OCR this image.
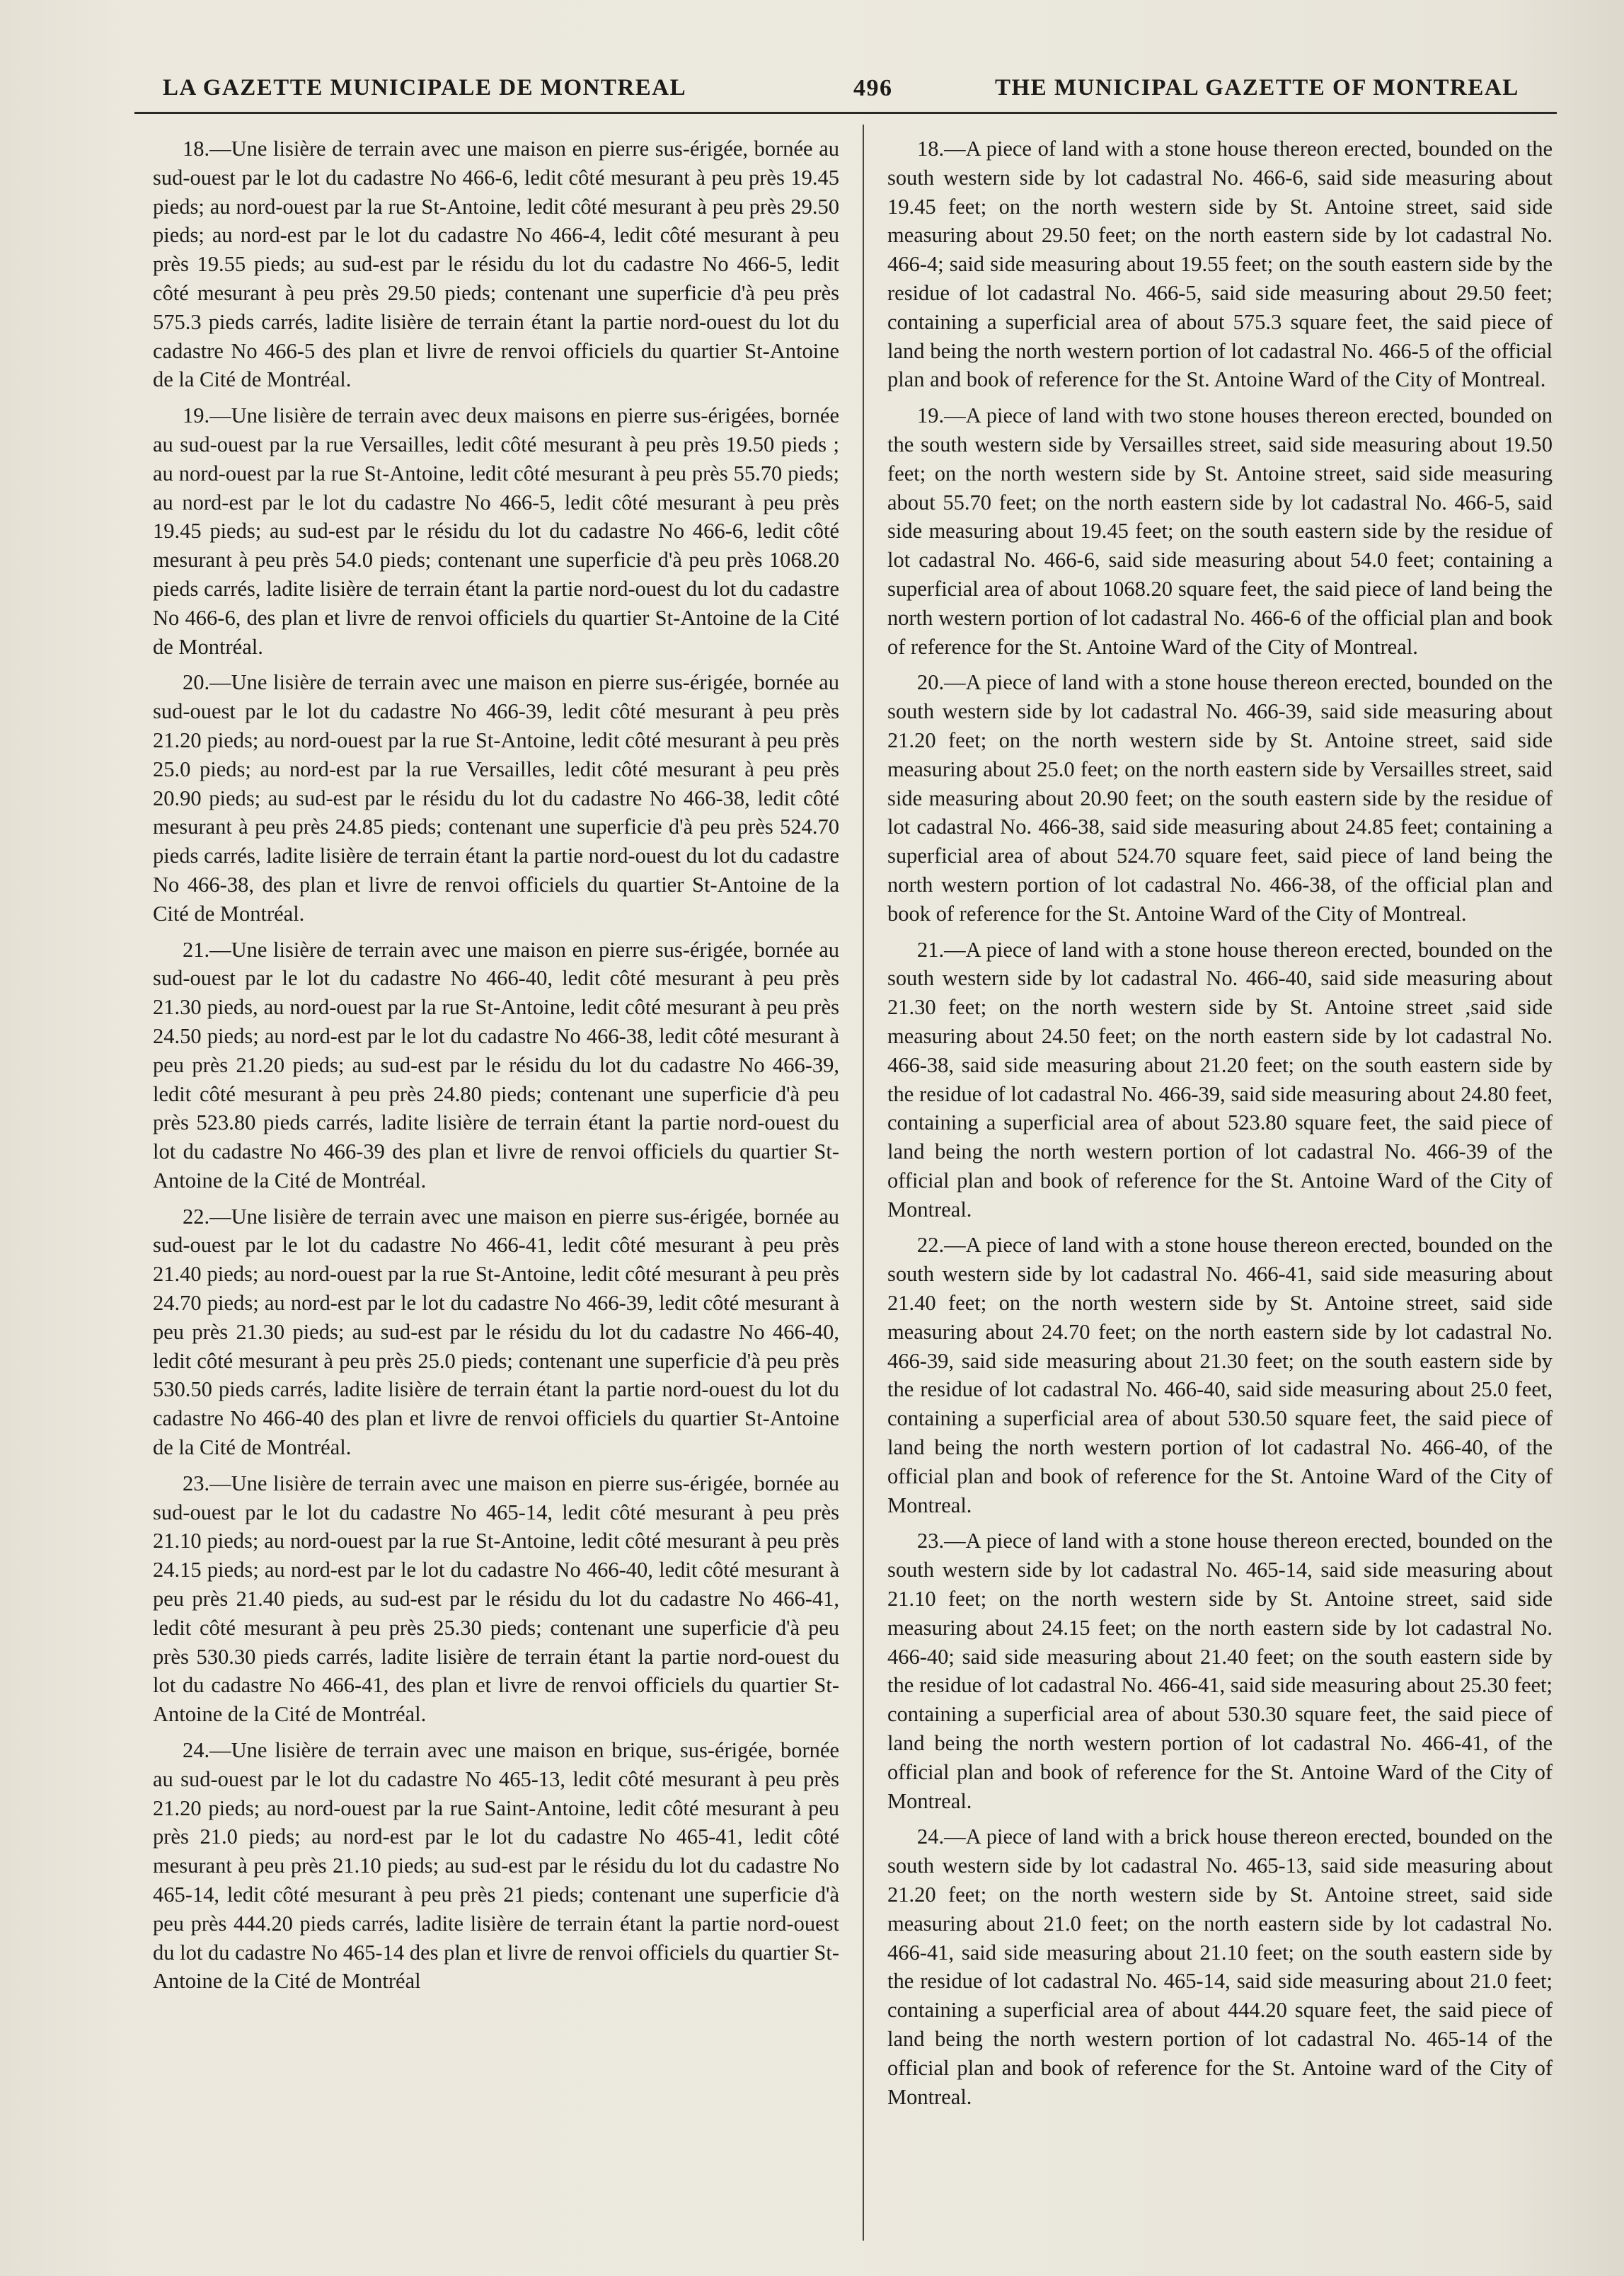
LA GAZETTE MUNICIPALE DE MONTREAL	496	THE MUNICIPAL GAZETTE OF MONTREAL

18.—Une lisière de terrain avec une maison en pierre sus-érigée, bornée au sud-ouest par le lot du cadastre No 466-6, ledit côté mesurant à peu près 19.45 pieds; au nord-ouest par la rue St-Antoine, ledit côté mesurant à peu près 29.50 pieds; au nord-est par le lot du cadastre No 466-4, ledit côté mesurant à peu près 19.55 pieds; au sud-est par le résidu du lot du cadastre No 466-5, ledit côté mesurant à peu près 29.50 pieds; contenant une superficie d'à peu près 575.3 pieds carrés, ladite lisière de terrain étant la partie nord-ouest du lot du cadastre No 466-5 des plan et livre de renvoi officiels du quartier St-Antoine de la Cité de Montréal.

19.—Une lisière de terrain avec deux maisons en pierre sus-érigées, bornée au sud-ouest par la rue Versailles, ledit côté mesurant à peu près 19.50 pieds ; au nord-ouest par la rue St-Antoine, ledit côté mesurant à peu près 55.70 pieds; au nord-est par le lot du cadastre No 466-5, ledit côté mesurant à peu près 19.45 pieds; au sud-est par le résidu du lot du cadastre No 466-6, ledit côté mesurant à peu près 54.0 pieds; contenant une superficie d'à peu près 1068.20 pieds carrés, ladite lisière de terrain étant la partie nord-ouest du lot du cadastre No 466-6, des plan et livre de renvoi officiels du quartier St-Antoine de la Cité de Montréal.

20.—Une lisière de terrain avec une maison en pierre sus-érigée, bornée au sud-ouest par le lot du cadastre No 466-39, ledit côté mesurant à peu près 21.20 pieds; au nord-ouest par la rue St-Antoine, ledit côté mesurant à peu près 25.0 pieds; au nord-est par la rue Versailles, ledit côté mesurant à peu près 20.90 pieds; au sud-est par le résidu du lot du cadastre No 466-38, ledit côté mesurant à peu près 24.85 pieds; contenant une superficie d'à peu près 524.70 pieds carrés, ladite lisière de terrain étant la partie nord-ouest du lot du cadastre No 466-38, des plan et livre de renvoi officiels du quartier St-Antoine de la Cité de Montréal.

21.—Une lisière de terrain avec une maison en pierre sus-érigée, bornée au sud-ouest par le lot du cadastre No 466-40, ledit côté mesurant à peu près 21.30 pieds, au nord-ouest par la rue St-Antoine, ledit côté mesurant à peu près 24.50 pieds; au nord-est par le lot du cadastre No 466-38, ledit côté mesurant à peu près 21.20 pieds; au sud-est par le résidu du lot du cadastre No 466-39, ledit côté mesurant à peu près 24.80 pieds; contenant une superficie d'à peu près 523.80 pieds carrés, ladite lisière de terrain étant la partie nord-ouest du lot du cadastre No 466-39 des plan et livre de renvoi officiels du quartier St-Antoine de la Cité de Montréal.

22.—Une lisière de terrain avec une maison en pierre sus-érigée, bornée au sud-ouest par le lot du cadastre No 466-41, ledit côté mesurant à peu près 21.40 pieds; au nord-ouest par la rue St-Antoine, ledit côté mesurant à peu près 24.70 pieds; au nord-est par le lot du cadastre No 466-39, ledit côté mesurant à peu près 21.30 pieds; au sud-est par le résidu du lot du cadastre No 466-40, ledit côté mesurant à peu près 25.0 pieds; contenant une superficie d'à peu près 530.50 pieds carrés, ladite lisière de terrain étant la partie nord-ouest du lot du cadastre No 466-40 des plan et livre de renvoi officiels du quartier St-Antoine de la Cité de Montréal.

23.—Une lisière de terrain avec une maison en pierre sus-érigée, bornée au sud-ouest par le lot du cadastre No 465-14, ledit côté mesurant à peu près 21.10 pieds; au nord-ouest par la rue St-Antoine, ledit côté mesurant à peu près 24.15 pieds; au nord-est par le lot du cadastre No 466-40, ledit côté mesurant à peu près 21.40 pieds, au sud-est par le résidu du lot du cadastre No 466-41, ledit côté mesurant à peu près 25.30 pieds; contenant une superficie d'à peu près 530.30 pieds carrés, ladite lisière de terrain étant la partie nord-ouest du lot du cadastre No 466-41, des plan et livre de renvoi officiels du quartier St-Antoine de la Cité de Montréal.

24.—Une lisière de terrain avec une maison en brique, sus-érigée, bornée au sud-ouest par le lot du cadastre No 465-13, ledit côté mesurant à peu près 21.20 pieds; au nord-ouest par la rue Saint-Antoine, ledit côté mesurant à peu près 21.0 pieds; au nord-est par le lot du cadastre No 465-41, ledit côté mesurant à peu près 21.10 pieds; au sud-est par le résidu du lot du cadastre No 465-14, ledit côté mesurant à peu près 21 pieds; contenant une superficie d'à peu près 444.20 pieds carrés, ladite lisière de terrain étant la partie nord-ouest du lot du cadastre No 465-14 des plan et livre de renvoi officiels du quartier St-Antoine de la Cité de Montréal

18.—A piece of land with a stone house thereon erected, bounded on the south western side by lot cadastral No. 466-6, said side measuring about 19.45 feet; on the north western side by St. Antoine street, said side measuring about 29.50 feet; on the north eastern side by lot cadastral No. 466-4; said side measuring about 19.55 feet; on the south eastern side by the residue of lot cadastral No. 466-5, said side measuring about 29.50 feet; containing a superficial area of about 575.3 square feet, the said piece of land being the north western portion of lot cadastral No. 466-5 of the official plan and book of reference for the St. Antoine Ward of the City of Montreal.

19.—A piece of land with two stone houses thereon erected, bounded on the south western side by Versailles street, said side measuring about 19.50 feet; on the north western side by St. Antoine street, said side measuring about 55.70 feet; on the north eastern side by lot cadastral No. 466-5, said side measuring about 19.45 feet; on the south eastern side by the residue of lot cadastral No. 466-6, said side measuring about 54.0 feet; containing a superficial area of about 1068.20 square feet, the said piece of land being the north western portion of lot cadastral No. 466-6 of the official plan and book of reference for the St. Antoine Ward of the City of Montreal.

20.—A piece of land with a stone house thereon erected, bounded on the south western side by lot cadastral No. 466-39, said side measuring about 21.20 feet; on the north western side by St. Antoine street, said side measuring about 25.0 feet; on the north eastern side by Versailles street, said side measuring about 20.90 feet; on the south eastern side by the residue of lot cadastral No. 466-38, said side measuring about 24.85 feet; containing a superficial area of about 524.70 square feet, said piece of land being the north western portion of lot cadastral No. 466-38, of the official plan and book of reference for the St. Antoine Ward of the City of Montreal.

21.—A piece of land with a stone house thereon erected, bounded on the south western side by lot cadastral No. 466-40, said side measuring about 21.30 feet; on the north western side by St. Antoine street ,said side measuring about 24.50 feet; on the north eastern side by lot cadastral No. 466-38, said side measuring about 21.20 feet; on the south eastern side by the residue of lot cadastral No. 466-39, said side measuring about 24.80 feet, containing a superficial area of about 523.80 square feet, the said piece of land being the north western portion of lot cadastral No. 466-39 of the official plan and book of reference for the St. Antoine Ward of the City of Montreal.

22.—A piece of land with a stone house thereon erected, bounded on the south western side by lot cadastral No. 466-41, said side measuring about 21.40 feet; on the north western side by St. Antoine street, said side measuring about 24.70 feet; on the north eastern side by lot cadastral No. 466-39, said side measuring about 21.30 feet; on the south eastern side by the residue of lot cadastral No. 466-40, said side measuring about 25.0 feet, containing a superficial area of about 530.50 square feet, the said piece of land being the north western portion of lot cadastral No. 466-40, of the official plan and book of reference for the St. Antoine Ward of the City of Montreal.

23.—A piece of land with a stone house thereon erected, bounded on the south western side by lot cadastral No. 465-14, said side measuring about 21.10 feet; on the north western side by St. Antoine street, said side measuring about 24.15 feet; on the north eastern side by lot cadastral No. 466-40; said side measuring about 21.40 feet; on the south eastern side by the residue of lot cadastral No. 466-41, said side measuring about 25.30 feet; containing a superficial area of about 530.30 square feet, the said piece of land being the north western portion of lot cadastral No. 466-41, of the official plan and book of reference for the St. Antoine Ward of the City of Montreal.

24.—A piece of land with a brick house thereon erected, bounded on the south western side by lot cadastral No. 465-13, said side measuring about 21.20 feet; on the north western side by St. Antoine street, said side measuring about 21.0 feet; on the north eastern side by lot cadastral No. 466-41, said side measuring about 21.10 feet; on the south eastern side by the residue of lot cadastral No. 465-14, said side measuring about 21.0 feet; containing a superficial area of about 444.20 square feet, the said piece of land being the north western portion of lot cadastral No. 465-14 of the official plan and book of reference for the St. Antoine ward of the City of Montreal.
